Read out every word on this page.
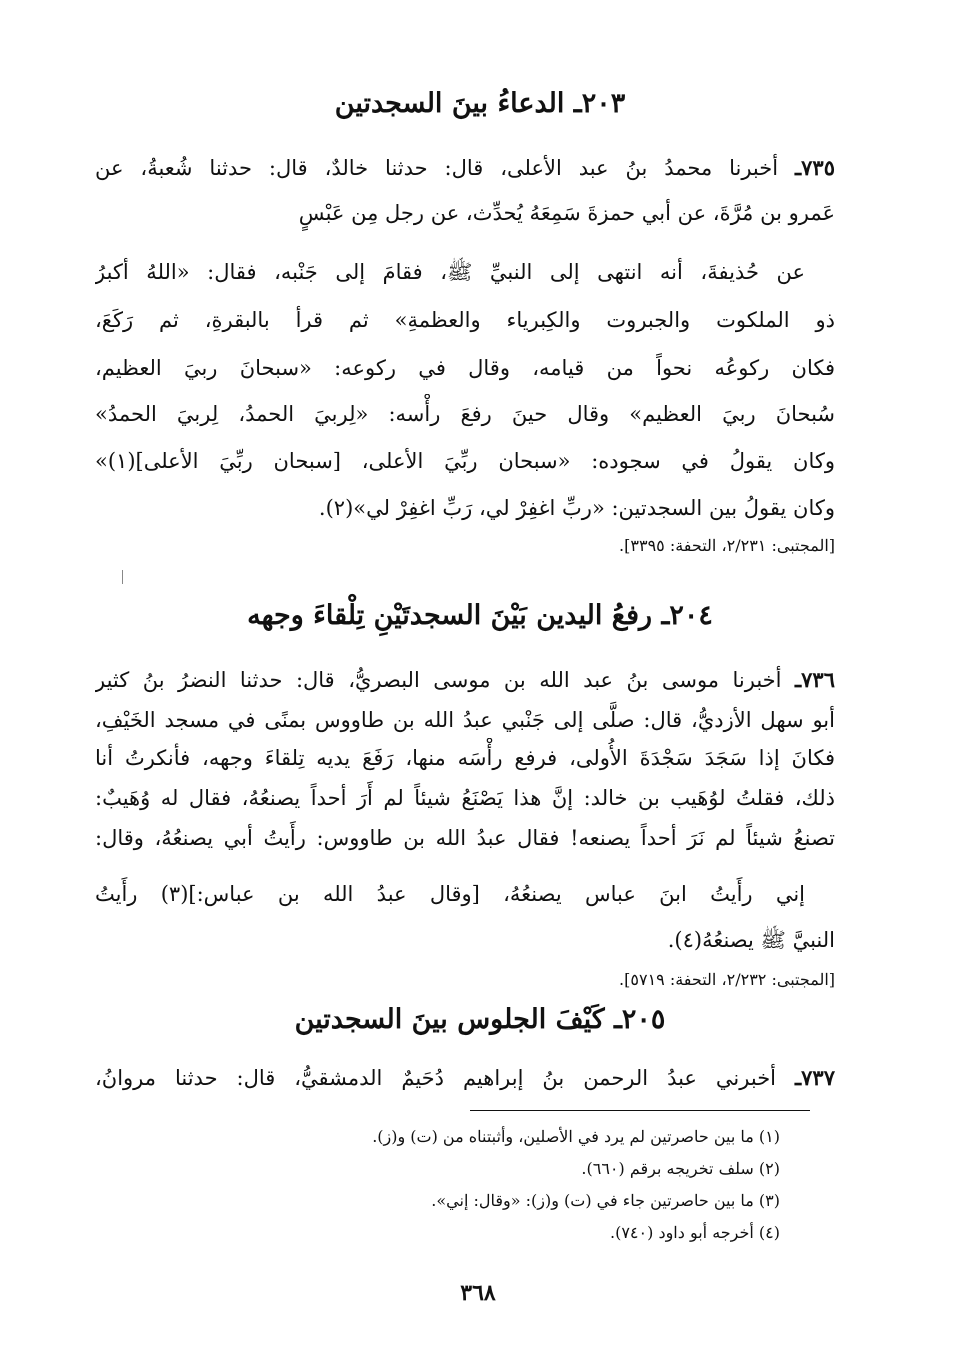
٢٠٣ـ الدعاءُ بينَ السجدتين
٧٣٥ـ أخبرنا محمدُ بنُ عبد الأعلى، قال: حدثنا خالدٌ، قال: حدثنا شُعبةُ، عن
عَمرو بن مُرَّةَ، عن أبي حمزةَ سَمِعَهُ يُحدِّث، عن رجل مِن عَبْسٍ
عن حُذيفةَ، أنه انتهى إلى النبيِّ ﷺ، فقامَ إلى جَنْبه، فقال: «اللهُ أكبرُ
ذو الملكوت والجبروت والكِبرياء والعظمةِ» ثم قرأ بالبقرةِ، ثم رَكَعَ،
فكان ركوعُه نحواً من قيامه، وقال في ركوعه: «سبحانَ ربيَ العظيم،
سُبحانَ ربيَ العظيم» وقال حينَ رفعَ رأْسه: «لِربيَ الحمدُ، لِربيَ الحمدُ»
وكان يقولُ في سجوده: «سبحان ربِّيَ الأعلى، [سبحان ربِّيَ الأعلى](١)»
وكان يقولُ بين السجدتين: «ربِّ اغفِرْ لي، رَبِّ اغفِرْ لي»(٢).
[المجتبى: ٢/٢٣١، التحفة: ٣٣٩٥].
٢٠٤ـ رفعُ اليدين بَيْنَ السجدتَيْنِ تِلْقاءَ وجهه
٧٣٦ـ أخبرنا موسى بنُ عبد الله بن موسى البصريُّ، قال: حدثنا النضرُ بنُ كثير
أبو سهل الأزديُّ، قال: صلَّى إلى جَنْبي عبدُ الله بن طاووس بمنًى في مسجد الخَيْفِ،
فكانَ إذا سَجَدَ سَجْدَةَ الأُولى، فرفع رأْسَه منها، رَفَعَ يديه تِلقاءَ وجهه، فأنكرتُ أنا
ذلك، فقلتُ لوُهَيب بن خالد: إنَّ هذا يَصْنَعُ شيئاً لم أَرَ أحداً يصنعُهُ، فقال له وُهَيبٌ:
تصنعُ شيئاً لم نَرَ أحداً يصنعه! فقال عبدُ الله بن طاووس: رأَيتُ أبي يصنعُهُ، وقال:
إني رأَيتُ ابنَ عباس يصنعُهُ، [وقال عبدُ الله بن عباس:](٣) رأَيتُ
النبيَّ ﷺ يصنعُهُ(٤).
[المجتبى: ٢/٢٣٢، التحفة: ٥٧١٩].
٢٠٥ـ كَيْفَ الجلوس بينَ السجدتين
٧٣٧ـ أخبرني عبدُ الرحمن بنُ إبراهيم دُحَيمٌ الدمشقيُّ، قال: حدثنا مروانُ،
(١) ما بين حاصرتين لم يرد في الأصلين، وأثبتناه من (ت) و(ز).
(٢) سلف تخريجه برقم (٦٦٠).
(٣) ما بين حاصرتين جاء في (ت) و(ز): «وقال: إني».
(٤) أخرجه أبو داود (٧٤٠).
٣٦٨
